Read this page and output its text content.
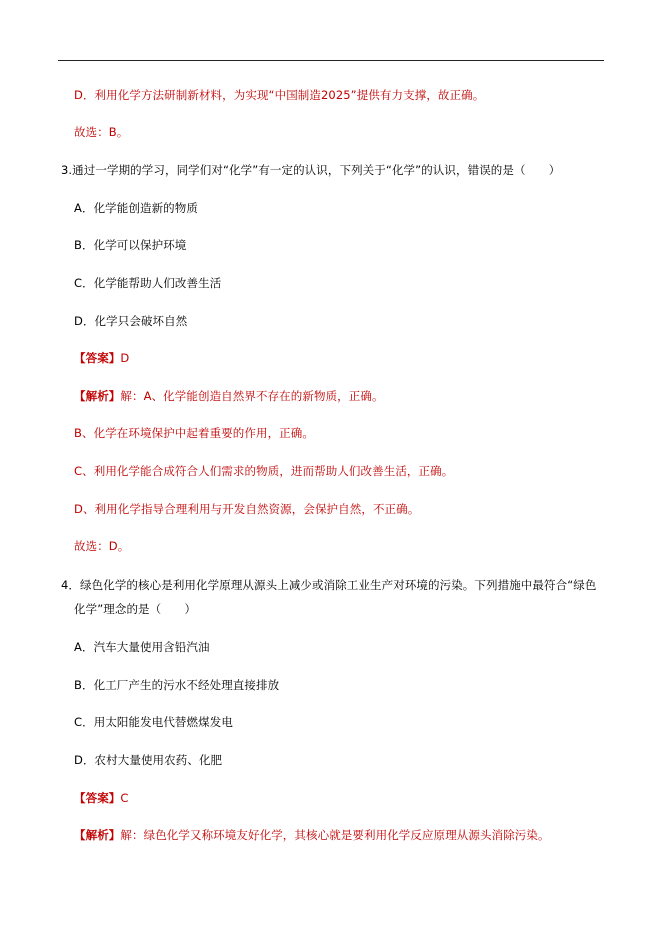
D．利用化学方法研制新材料，为实现“中国制造2025”提供有力支撑，故正确。
故选：B。
3.通过一学期的学习，同学们对“化学”有一定的认识，下列关于“化学”的认识，错误的是（　　）
A．化学能创造新的物质
B．化学可以保护环境
C．化学能帮助人们改善生活
D．化学只会破坏自然
【答案】D
【解析】解：A、化学能创造自然界不存在的新物质，正确。
B、化学在环境保护中起着重要的作用，正确。
C、利用化学能合成符合人们需求的物质，进而帮助人们改善生活，正确。
D、利用化学指导合理利用与开发自然资源，会保护自然，不正确。
故选：D。
4．绿色化学的核心是利用化学原理从源头上减少或消除工业生产对环境的污染。下列措施中最符合“绿色
化学”理念的是（　　）
A．汽车大量使用含铅汽油
B．化工厂产生的污水不经处理直接排放
C．用太阳能发电代替燃煤发电
D．农村大量使用农药、化肥
【答案】C
【解析】解：绿色化学又称环境友好化学，其核心就是要利用化学反应原理从源头消除污染。
